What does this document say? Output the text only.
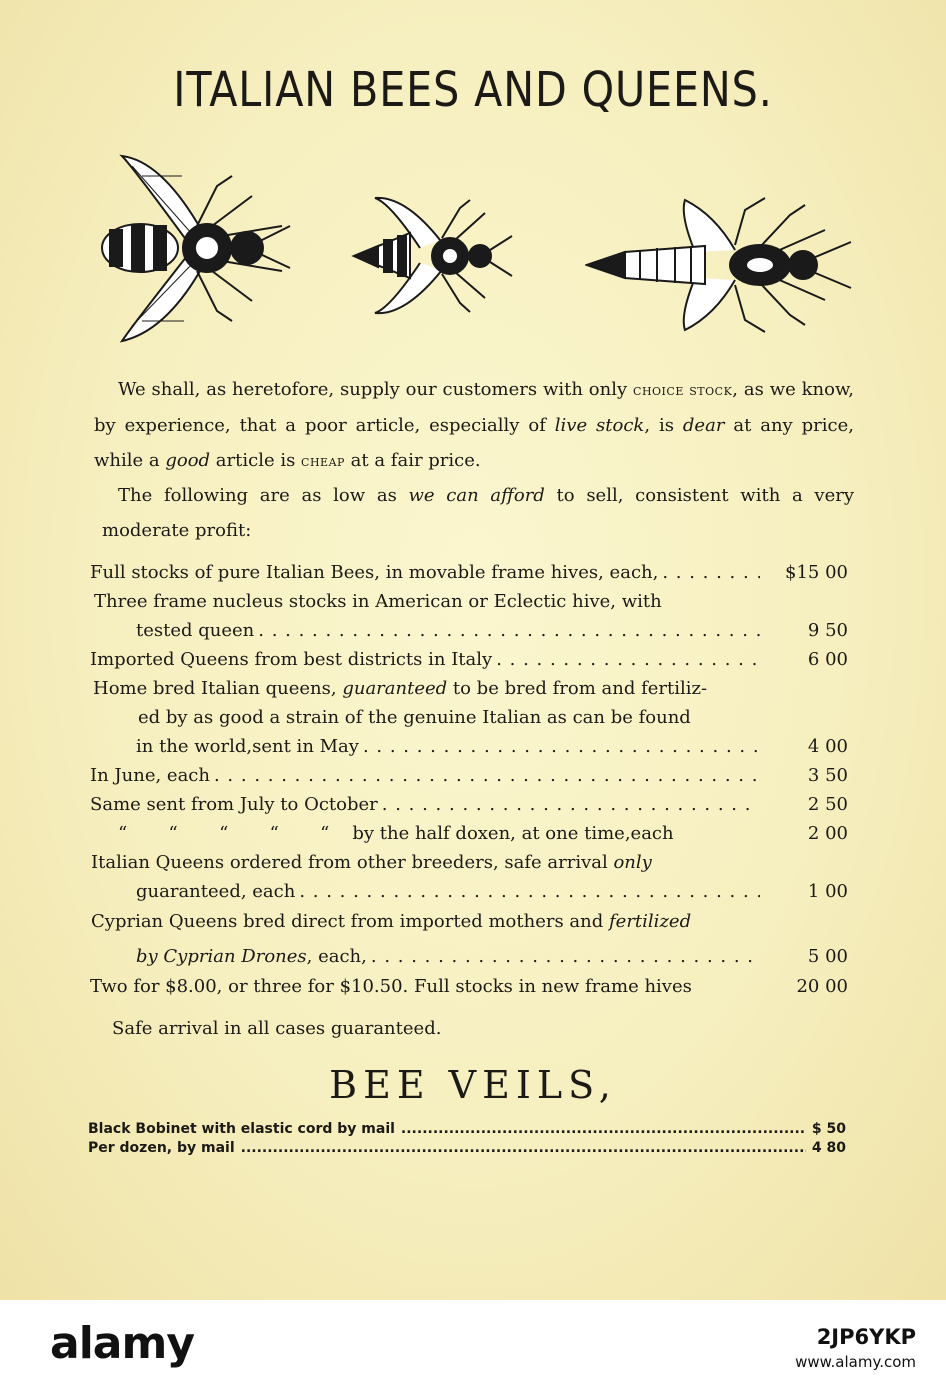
ITALIAN BEES AND QUEENS.
We shall, as heretofore, supply our customers with only choice stock, as we know, by experience, that a poor article, especially of live stock, is dear at any price, while a good article is cheap at a fair price.
The following are as low as we can afford to sell, consistent with a very moderate profit:
Full stocks of pure Italian Bees, in movable frame hives, each, . . .	$15 00
Three frame nucleus stocks in American or Eclectic hive, with
tested queen . . .	9 50
Imported Queens from best districts in Italy . . .	6 00
Home bred Italian queens, guaranteed to be bred from and fertiliz-
ed by as good a strain of the genuine Italian as can be found
in the world,sent in May . . .	4 00
In June, each . . .	3 50
Same sent from July to October . . .	2 50
“      “      “      “      “ by the half doxen, at one time,each	2 00
Italian Queens ordered from other breeders, safe arrival only
guaranteed, each . . .	1 00
Cyprian Queens bred direct from imported mothers and fertilized
by Cyprian Drones, each, . . .	5 00
Two for $8.00, or three for $10.50. Full stocks in new frame hives	20 00
Safe arrival in all cases guaranteed.
BEE VEILS,
Black Bobinet with elastic cord by mail .....	$ 50
Per dozen, by mail .....	4 80
alamy	2JP6YKP
www.alamy.com
